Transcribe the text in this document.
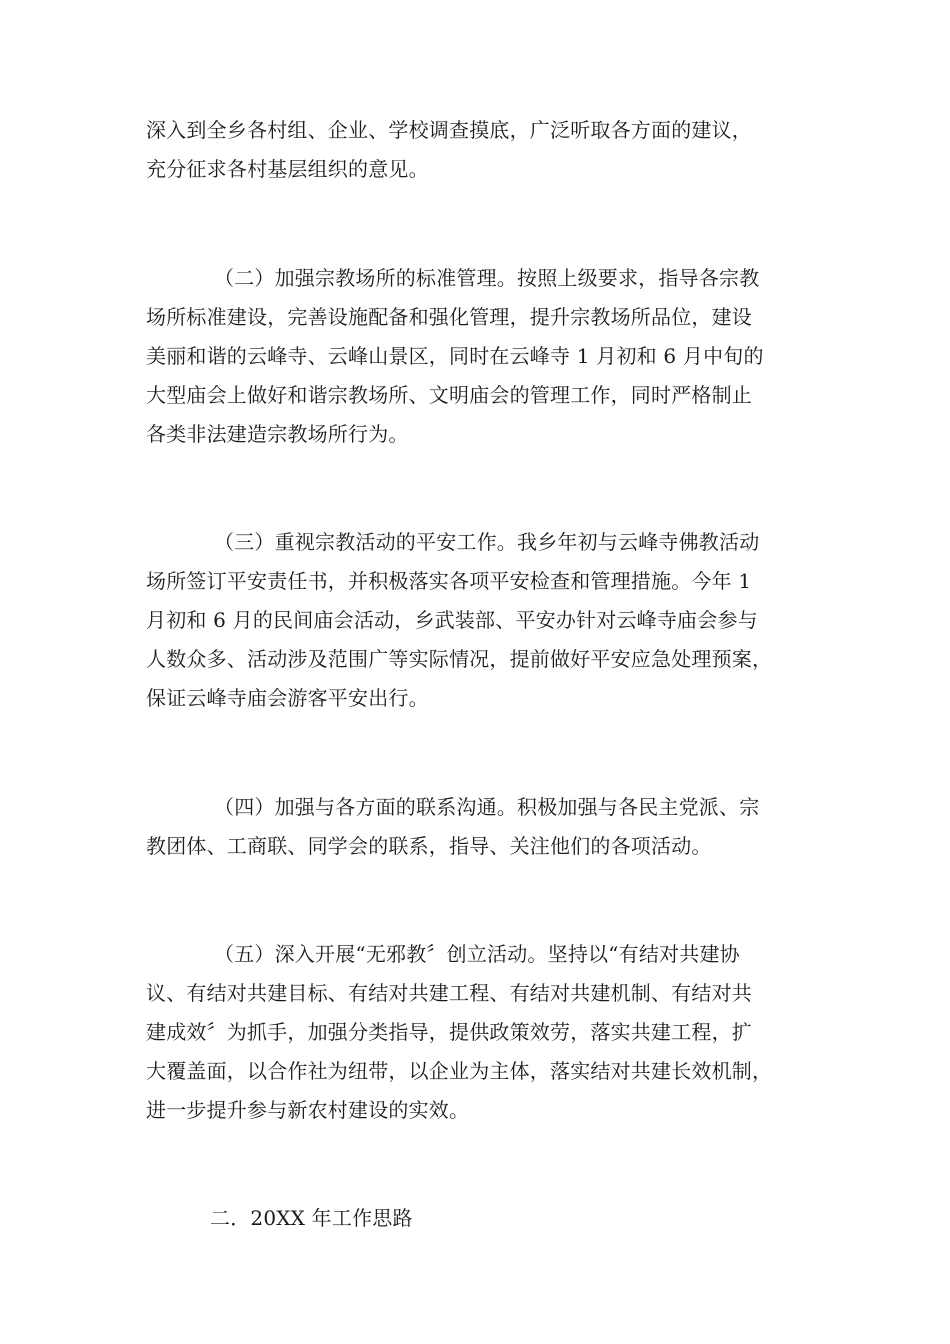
深入到全乡各村组、企业、学校调查摸底，广泛听取各方面的建议，
充分征求各村基层组织的意见。
（二）加强宗教场所的标准管理。按照上级要求，指导各宗教
场所标准建设，完善设施配备和强化管理，提升宗教场所品位，建设
美丽和谐的云峰寺、云峰山景区，同时在云峰寺 1 月初和 6 月中旬的
大型庙会上做好和谐宗教场所、文明庙会的管理工作，同时严格制止
各类非法建造宗教场所行为。
（三）重视宗教活动的平安工作。我乡年初与云峰寺佛教活动
场所签订平安责任书，并积极落实各项平安检查和管理措施。今年 1
月初和 6 月的民间庙会活动，乡武装部、平安办针对云峰寺庙会参与
人数众多、活动涉及范围广等实际情况，提前做好平安应急处理预案，
保证云峰寺庙会游客平安出行。
（四）加强与各方面的联系沟通。积极加强与各民主党派、宗
教团体、工商联、同学会的联系，指导、关注他们的各项活动。
（五）深入开展“无邪教〞创立活动。坚持以“有结对共建协
议、有结对共建目标、有结对共建工程、有结对共建机制、有结对共
建成效〞为抓手，加强分类指导，提供政策效劳，落实共建工程，扩
大覆盖面，以合作社为纽带，以企业为主体，落实结对共建长效机制，
进一步提升参与新农村建设的实效。
二．20XX 年工作思路
